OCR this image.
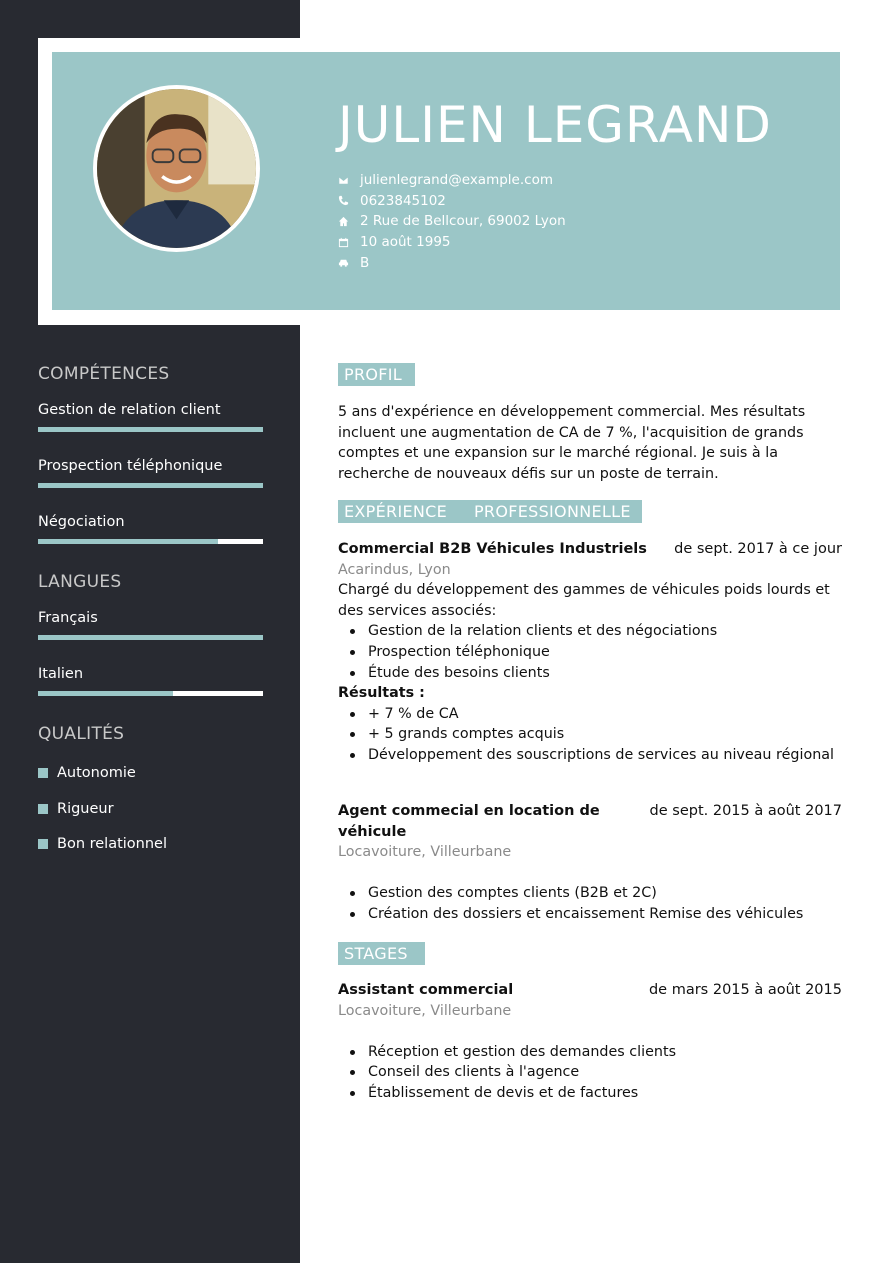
JULIEN LEGRAND
julienlegrand@example.com
0623845102
2 Rue de Bellcour, 69002 Lyon
10 août 1995
B
COMPÉTENCES
Gestion de relation client
Prospection téléphonique
Négociation
LANGUES
Français
Italien
QUALITÉS
Autonomie
Rigueur
Bon relationnel
PROFIL
5 ans d'expérience en développement commercial. Mes résultats incluent une augmentation de CA de 7 %, l'acquisition de grands comptes et une expansion sur le marché régional. Je suis à la recherche de nouveaux défis sur un poste de terrain.
EXPÉRIENCE     PROFESSIONNELLE
Commercial B2B Véhicules Industriels de sept. 2017 à ce jour
Acarindus, Lyon
Chargé du développement des gammes de véhicules poids lourds et des services associés:
Gestion de la relation clients et des négociations
Prospection téléphonique
Étude des besoins clients
Résultats :
+ 7 % de CA
+ 5 grands comptes acquis
Développement des souscriptions de services au niveau régional
Agent commecial en location de véhicule
de sept. 2015 à août 2017
Locavoiture, Villeurbane
Gestion des comptes clients (B2B et 2C)
Création des dossiers et encaissement Remise des véhicules
STAGES
Assistant commercial	de mars 2015 à août 2015
Locavoiture, Villeurbane
Réception et gestion des demandes clients
Conseil des clients à l'agence
Établissement de devis et de factures
